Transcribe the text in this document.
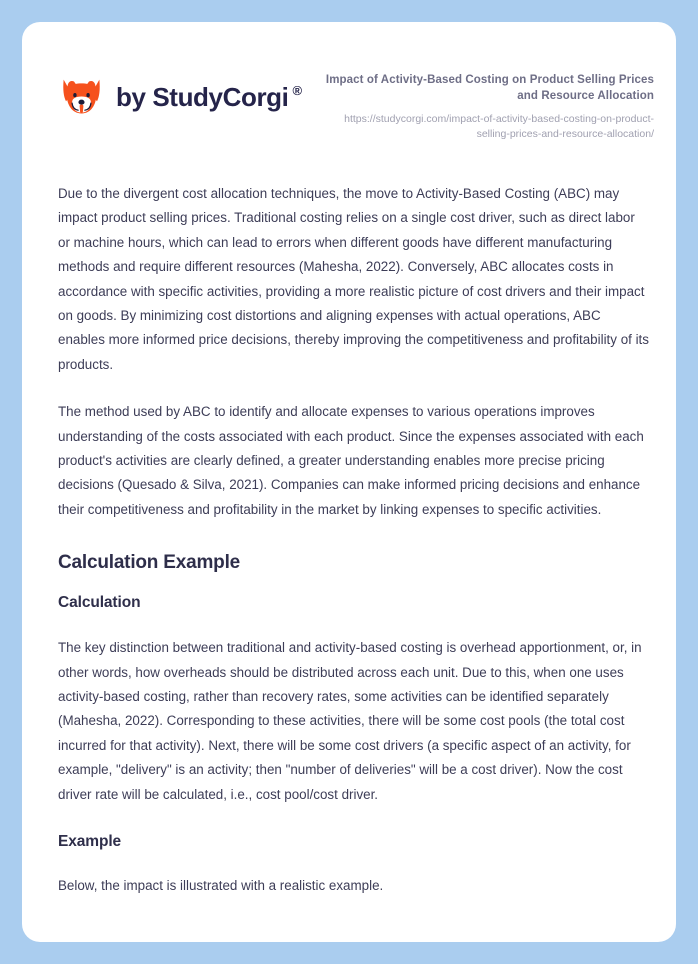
by StudyCorgi ®

Impact of Activity-Based Costing on Product Selling Prices and Resource Allocation

https://studycorgi.com/impact-of-activity-based-costing-on-product-selling-prices-and-resource-allocation/

Due to the divergent cost allocation techniques, the move to Activity-Based Costing (ABC) may impact product selling prices. Traditional costing relies on a single cost driver, such as direct labor or machine hours, which can lead to errors when different goods have different manufacturing methods and require different resources (Mahesha, 2022). Conversely, ABC allocates costs in accordance with specific activities, providing a more realistic picture of cost drivers and their impact on goods. By minimizing cost distortions and aligning expenses with actual operations, ABC enables more informed price decisions, thereby improving the competitiveness and profitability of its products.

The method used by ABC to identify and allocate expenses to various operations improves understanding of the costs associated with each product. Since the expenses associated with each product's activities are clearly defined, a greater understanding enables more precise pricing decisions (Quesado & Silva, 2021). Companies can make informed pricing decisions and enhance their competitiveness and profitability in the market by linking expenses to specific activities.

Calculation Example
Calculation

The key distinction between traditional and activity-based costing is overhead apportionment, or, in other words, how overheads should be distributed across each unit. Due to this, when one uses activity-based costing, rather than recovery rates, some activities can be identified separately (Mahesha, 2022). Corresponding to these activities, there will be some cost pools (the total cost incurred for that activity). Next, there will be some cost drivers (a specific aspect of an activity, for example, "delivery" is an activity; then "number of deliveries" will be a cost driver). Now the cost driver rate will be calculated, i.e., cost pool/cost driver.

Example

Below, the impact is illustrated with a realistic example.
